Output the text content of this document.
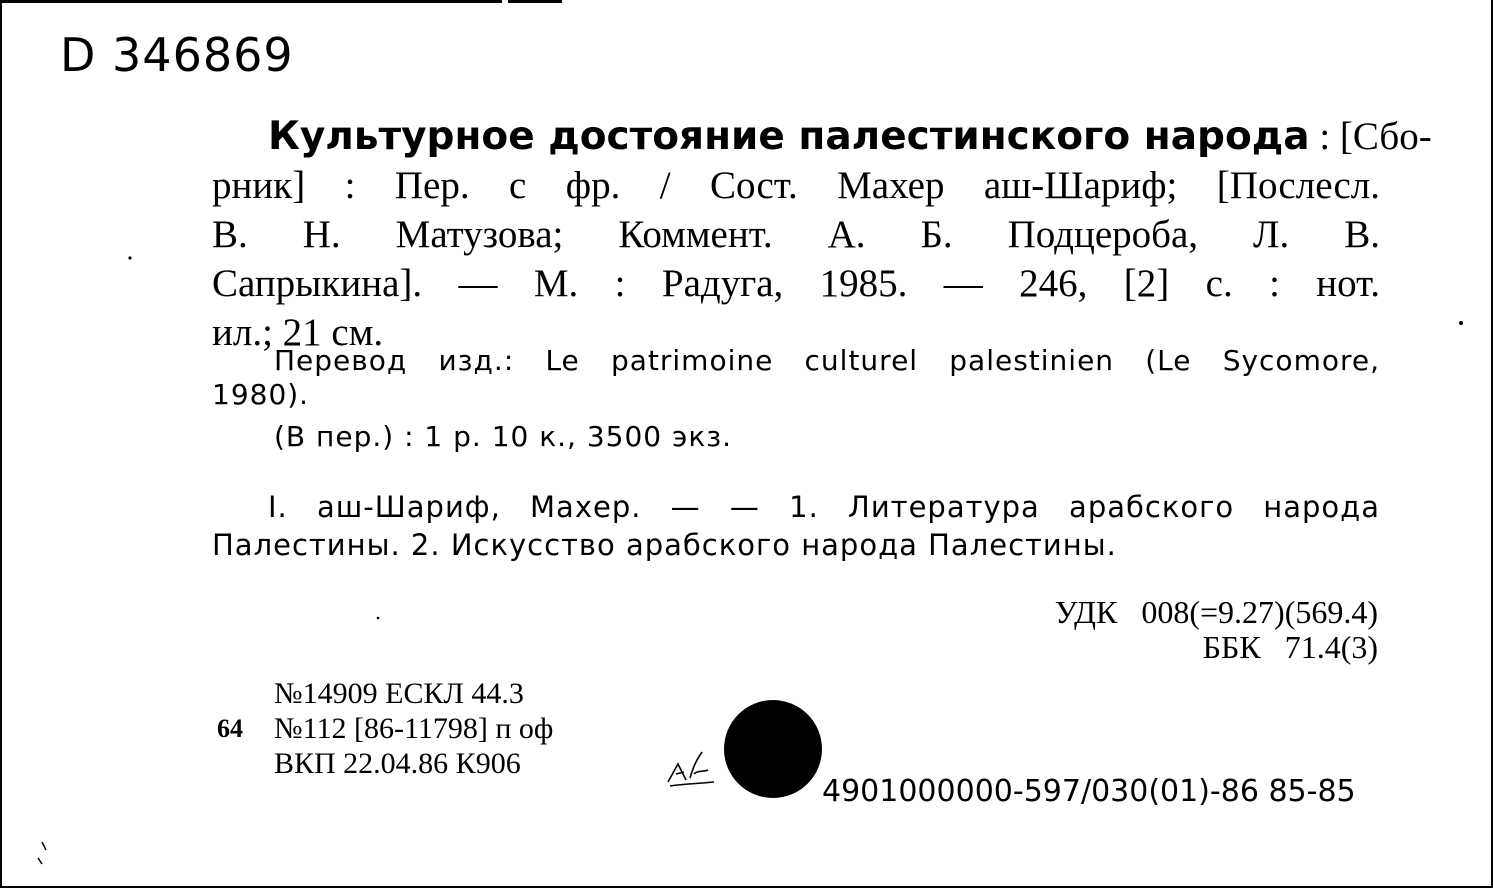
D 346869
Культурное достояние палестинского народа : [Сбо-
рник] : Пер. с фр. / Сост. Махер аш-Шариф; [Послесл.
В. Н. Матузова; Коммент. А. Б. Подцероба, Л. В.
Сапрыкина]. — М. : Радуга, 1985. — 246, [2] с. : нот.
ил.; 21 см.
Перевод изд.: Le patrimoine culturel palestinien (Le Sycomore,
1980).
(В пер.) : 1 р. 10 к., 3500 экз.
I. аш-Шариф, Махер. — — 1. Литература арабского народа
Палестины. 2. Искусство арабского народа Палестины.
УДК   008(=9.27)(569.4)
ББК   71.4(3)
64
№14909 ЕСКЛ 44.3
№112 [86-11798] п оф
ВКП 22.04.86 К906
4901000000-597/030(01)-86 85-85
